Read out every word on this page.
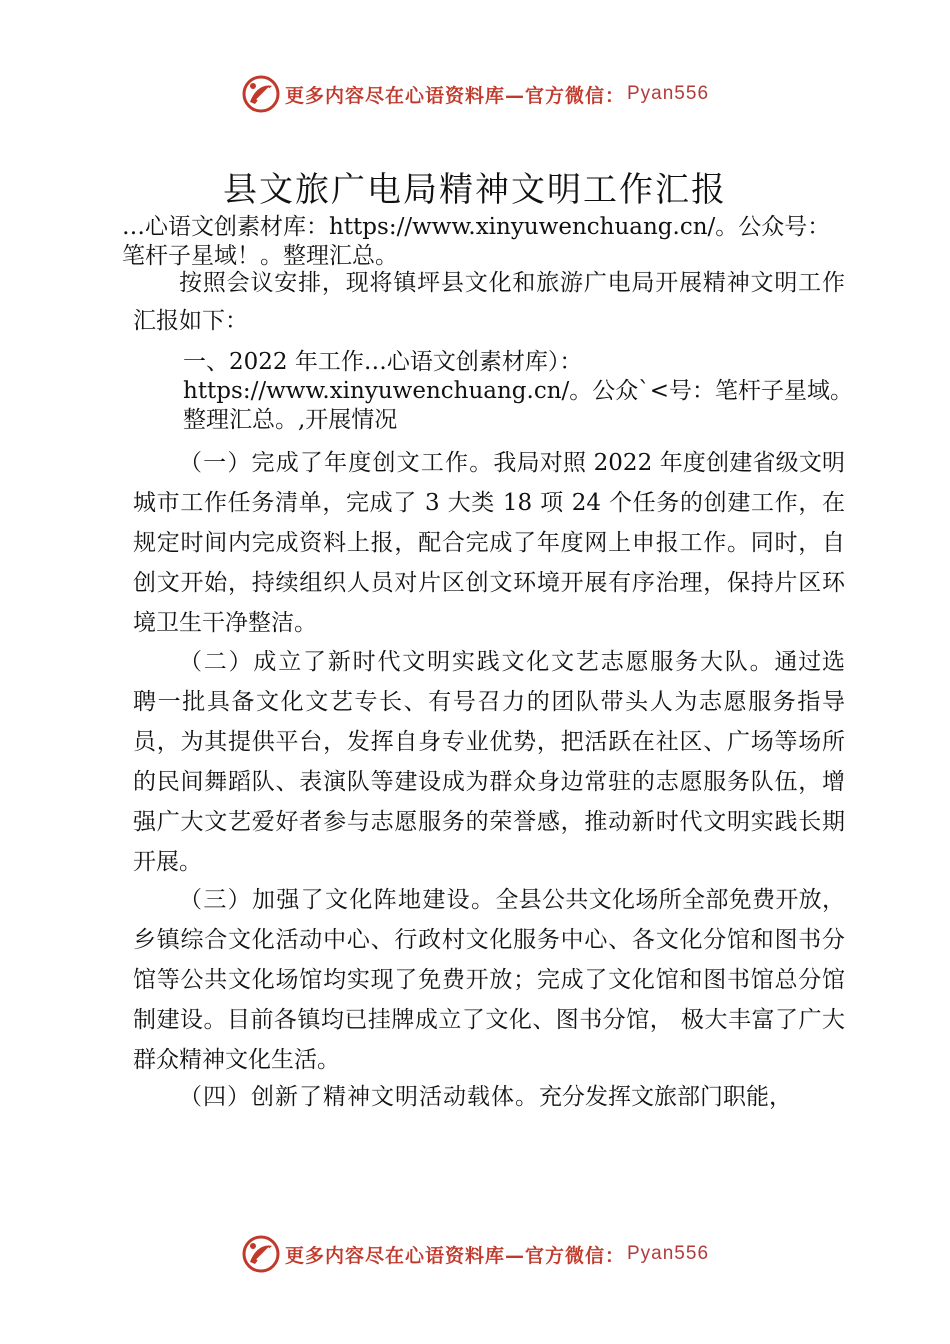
更多内容尽在心语资料库—官方微信： Pyan556
县文旅广电局精神文明工作汇报
…心语文创素材库：https://www.xinyuwenchuang.cn/。公众号：
笔杆子星域！。整理汇总。
按照会议安排，现将镇坪县文化和旅游广电局开展精神文明工作汇报如下：
一、2022 年工作…心语文创素材库）：
https://www.xinyuwenchuang.cn/。公众`<号：笔杆子星域。
整理汇总。,开展情况
（一）完成了年度创文工作。我局对照 2022 年度创建省级文明城市工作任务清单，完成了 3 大类 18 项 24 个任务的创建工作，在规定时间内完成资料上报，配合完成了年度网上申报工作。同时，自创文开始，持续组织人员对片区创文环境开展有序治理，保持片区环境卫生干净整洁。
（二）成立了新时代文明实践文化文艺志愿服务大队。通过选聘一批具备文化文艺专长、有号召力的团队带头人为志愿服务指导员，为其提供平台，发挥自身专业优势，把活跃在社区、广场等场所的民间舞蹈队、表演队等建设成为群众身边常驻的志愿服务队伍，增强广大文艺爱好者参与志愿服务的荣誉感，推动新时代文明实践长期开展。
（三）加强了文化阵地建设。全县公共文化场所全部免费开放，乡镇综合文化活动中心、行政村文化服务中心、各文化分馆和图书分馆等公共文化场馆均实现了免费开放；完成了文化馆和图书馆总分馆制建设。目前各镇均已挂牌成立了文化、图书分馆， 极大丰富了广大群众精神文化生活。
（四）创新了精神文明活动载体。充分发挥文旅部门职能，
更多内容尽在心语资料库—官方微信： Pyan556
